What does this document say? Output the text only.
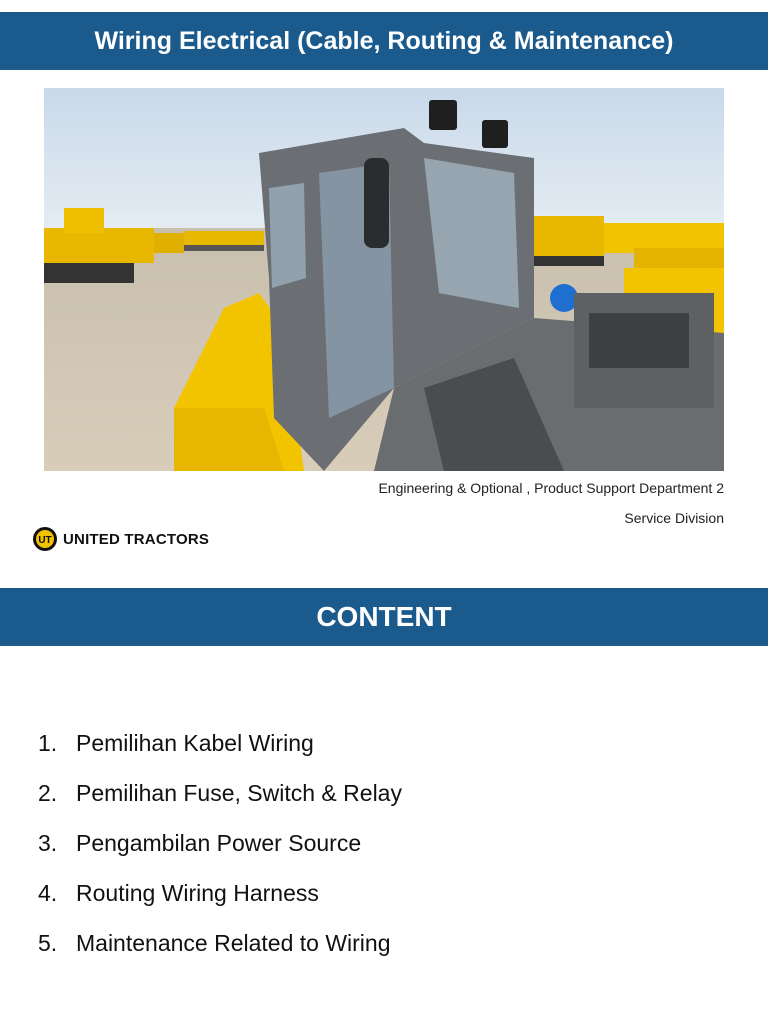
Wiring Electrical (Cable, Routing & Maintenance)
Engineering & Optional , Product Support Department 2
Service Division
UT UNITED TRACTORS
CONTENT
1. Pemilihan Kabel Wiring
2. Pemilihan Fuse, Switch & Relay
3. Pengambilan Power Source
4. Routing Wiring Harness
5. Maintenance Related to Wiring
